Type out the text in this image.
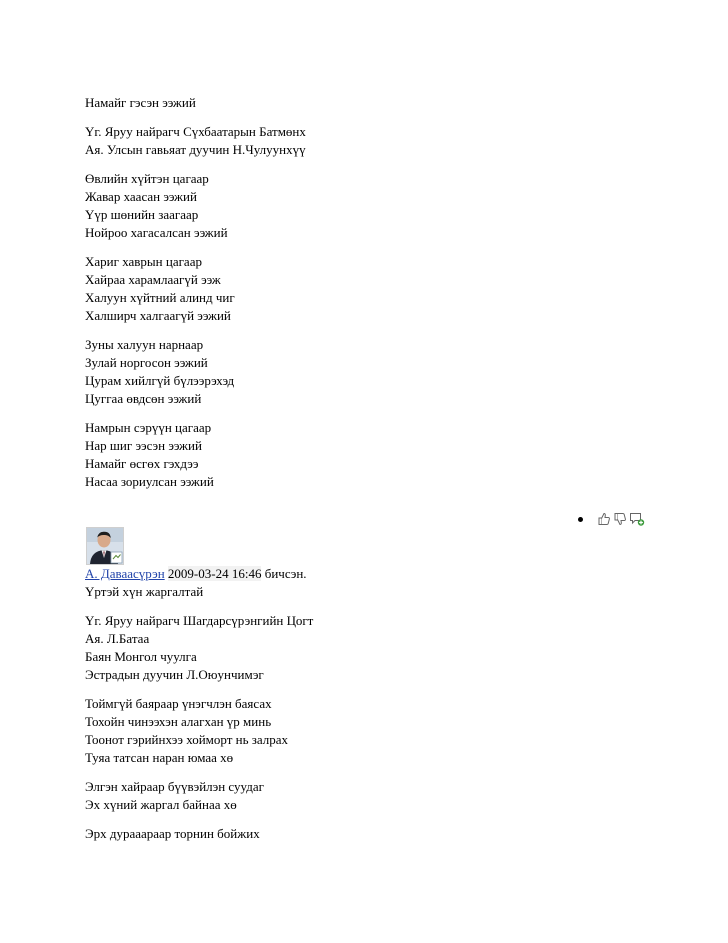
Намайг гэсэн ээжий
Үг. Яруу найрагч Сүхбаатарын Батмөнх
Ая. Улсын гавьяат дуучин Н.Чулуунхүү
Өвлийн хүйтэн цагаар
Жавар хаасан ээжий
Үүр шөнийн заагаар
Нойроо хагасалсан ээжий
Хариг хаврын цагаар
Хайраа харамлаагүй ээж
Халуун хүйтний алинд чиг
Халширч халгаагүй ээжий
Зуны халуун нарнаар
Зулай норгосон ээжий
Цурам хийлгүй бүлээрэхэд
Цуггаа өвдсөн ээжий
Намрын сэрүүн цагаар
Нар шиг ээсэн ээжий
Намайг өсгөх гэхдээ
Насаа зориулсан ээжий
А. Даваасүрэн 2009-03-24 16:46 бичсэн.
Үртэй хүн жаргалтай
Үг. Яруу найрагч Шагдарсүрэнгийн Цогт
Ая. Л.Батаа
Баян Монгол чуулга
Эстрадын дуучин Л.Оюунчимэг
Тоймгүй баяраар үнэгчлэн баясах
Тохойн чинээхэн алагхан үр минь
Тоонот гэрийнхээ хойморт нь залрах
Туяа татсан наран юмаа хө
Элгэн хайраар бүүвэйлэн суудаг
Эх хүний жаргал байнаа хө
Эрх дурааараар торнин бойжих
